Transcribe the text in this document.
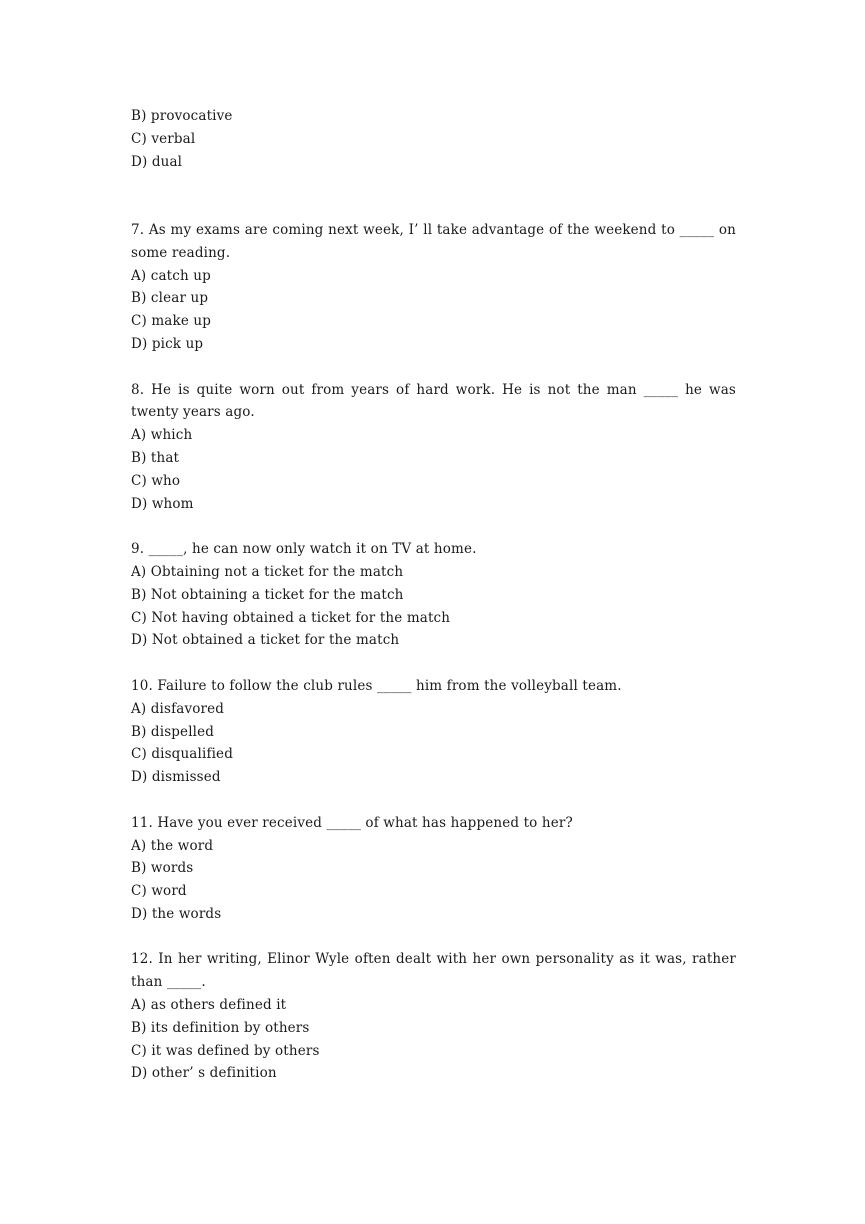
B) provocative
C) verbal
D) dual
7. As my exams are coming next week, I’ ll take advantage of the weekend to _____ on some reading.
A) catch up
B) clear up
C) make up
D) pick up
8. He is quite worn out from years of hard work. He is not the man _____ he was twenty years ago.
A) which
B) that
C) who
D) whom
9. _____, he can now only watch it on TV at home.
A) Obtaining not a ticket for the match
B) Not obtaining a ticket for the match
C) Not having obtained a ticket for the match
D) Not obtained a ticket for the match
10. Failure to follow the club rules _____ him from the volleyball team.
A) disfavored
B) dispelled
C) disqualified
D) dismissed
11. Have you ever received _____ of what has happened to her?
A) the word
B) words
C) word
D) the words
12. In her writing, Elinor Wyle often dealt with her own personality as it was, rather than _____.
A) as others defined it
B) its definition by others
C) it was defined by others
D) other’ s definition
